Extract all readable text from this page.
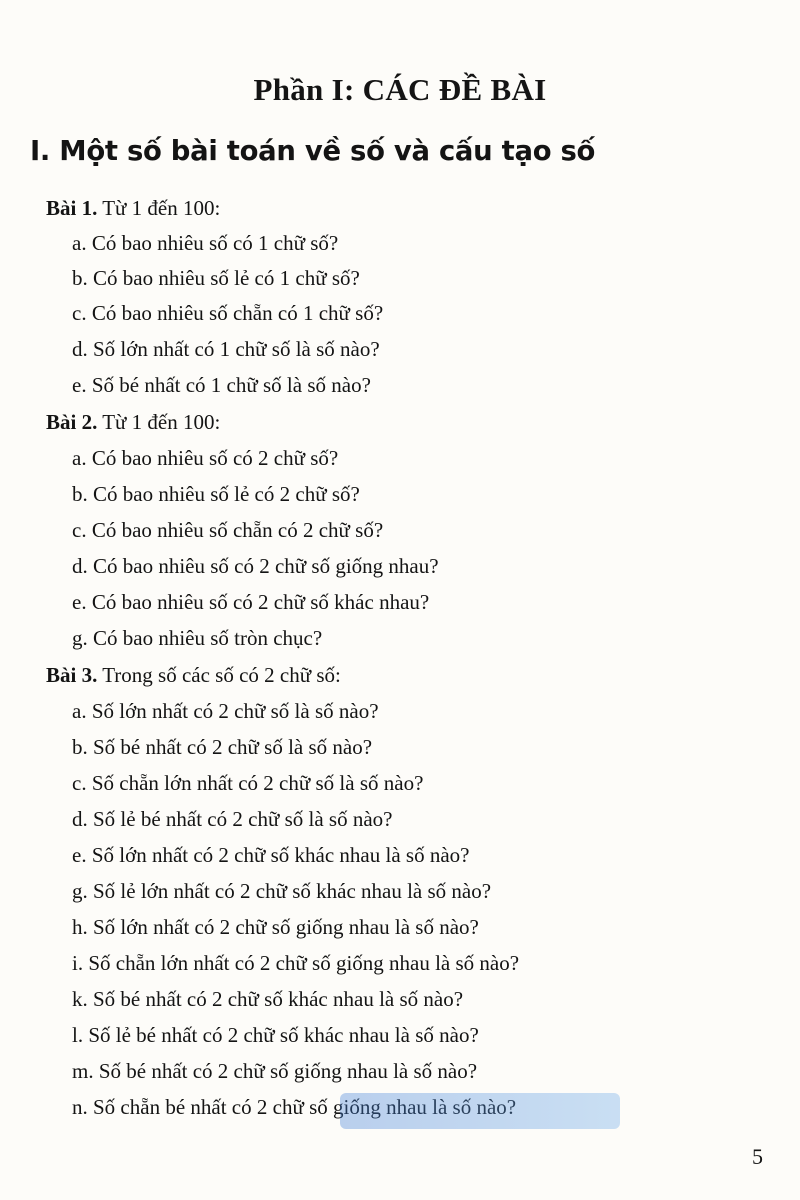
Phần I: CÁC ĐỀ BÀI
I. Một số bài toán về số và cấu tạo số
Bài 1. Từ 1 đến 100:
a. Có bao nhiêu số có 1 chữ số?
b. Có bao nhiêu số lẻ có 1 chữ số?
c. Có bao nhiêu số chẵn có 1 chữ số?
d. Số lớn nhất có 1 chữ số là số nào?
e. Số bé nhất có 1 chữ số là số nào?
Bài 2. Từ 1 đến 100:
a. Có bao nhiêu số có 2 chữ số?
b. Có bao nhiêu số lẻ có 2 chữ số?
c. Có bao nhiêu số chẵn có 2 chữ số?
d. Có bao nhiêu số có 2 chữ số giống nhau?
e. Có bao nhiêu số có 2 chữ số khác nhau?
g. Có bao nhiêu số tròn chục?
Bài 3. Trong số các số có 2 chữ số:
a. Số lớn nhất có 2 chữ số là số nào?
b. Số bé nhất có 2 chữ số là số nào?
c. Số chẵn lớn nhất có 2 chữ số là số nào?
d. Số lẻ bé nhất có 2 chữ số là số nào?
e. Số lớn nhất có 2 chữ số khác nhau là số nào?
g. Số lẻ lớn nhất có 2 chữ số khác nhau là số nào?
h. Số lớn nhất có 2 chữ số giống nhau là số nào?
i. Số chẵn lớn nhất có 2 chữ số giống nhau là số nào?
k. Số bé nhất có 2 chữ số khác nhau là số nào?
l. Số lẻ bé nhất có 2 chữ số khác nhau là số nào?
m. Số bé nhất có 2 chữ số giống nhau là số nào?
n. Số chẵn bé nhất có 2 chữ số giống nhau là số nào?
5
